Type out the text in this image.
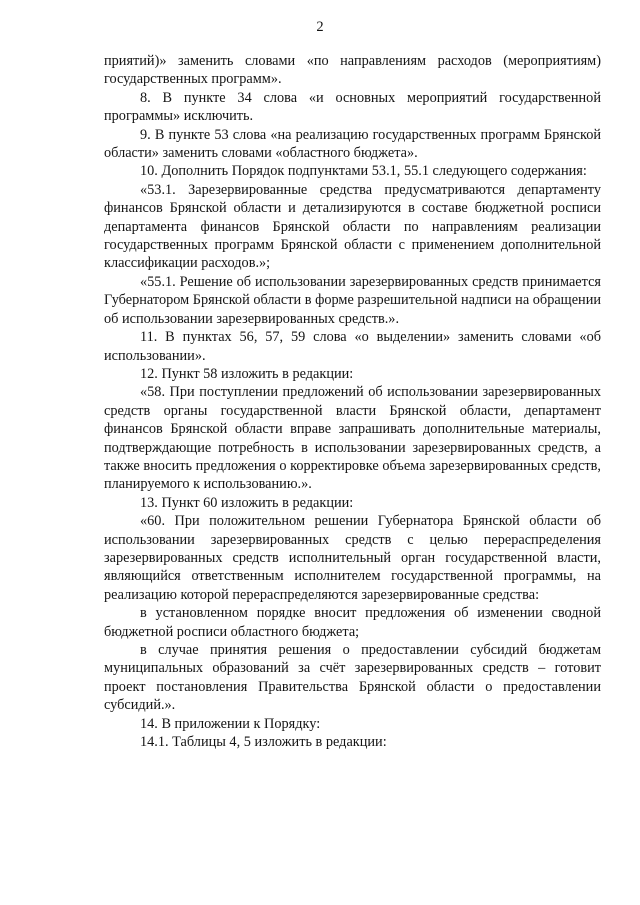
2

приятий)» заменить словами «по направлениям расходов (мероприятиям) государственных программ».

8. В пункте 34 слова «и основных мероприятий государственной программы» исключить.

9. В пункте 53 слова «на реализацию государственных программ Брянской области» заменить словами «областного бюджета».

10. Дополнить Порядок подпунктами 53.1, 55.1 следующего содержания:

«53.1. Зарезервированные средства предусматриваются департаменту финансов Брянской области и детализируются в составе бюджетной росписи департамента финансов Брянской области по направлениям реализации государственных программ Брянской области с применением дополнительной классификации расходов.»;

«55.1. Решение об использовании зарезервированных средств принимается Губернатором Брянской области в форме разрешительной надписи на обращении об использовании зарезервированных средств.».

11. В пунктах 56, 57, 59 слова «о выделении» заменить словами «об использовании».

12. Пункт 58 изложить в редакции:

«58. При поступлении предложений об использовании зарезервированных средств органы государственной власти Брянской области, департамент финансов Брянской области вправе запрашивать дополнительные материалы, подтверждающие потребность в использовании зарезервированных средств, а также вносить предложения о корректировке объема зарезервированных средств, планируемого к использованию.».

13. Пункт 60 изложить в редакции:

«60. При положительном решении Губернатора Брянской области об использовании зарезервированных средств с целью перераспределения зарезервированных средств исполнительный орган государственной власти, являющийся ответственным исполнителем государственной программы, на реализацию которой перераспределяются зарезервированные средства:

в установленном порядке вносит предложения об изменении сводной бюджетной росписи областного бюджета;

в случае принятия решения о предоставлении субсидий бюджетам муниципальных образований за счёт зарезервированных средств – готовит проект постановления Правительства Брянской области о предоставлении субсидий.».

14. В приложении к Порядку:

14.1. Таблицы 4, 5 изложить в редакции:
